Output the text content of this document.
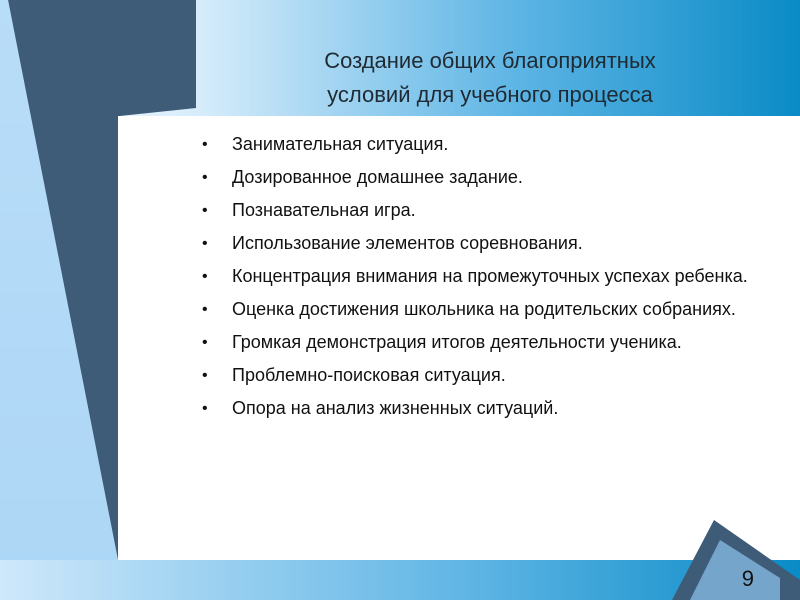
Создание общих благоприятных
условий для учебного процесса
• Занимательная ситуация.
• Дозированное домашнее задание.
• Познавательная игра.
• Использование элементов соревнования.
• Концентрация внимания на промежуточных успехах ребенка.
• Оценка достижения школьника на родительских собраниях.
• Громкая демонстрация итогов деятельности ученика.
• Проблемно-поисковая ситуация.
• Опора на анализ жизненных ситуаций.
9
